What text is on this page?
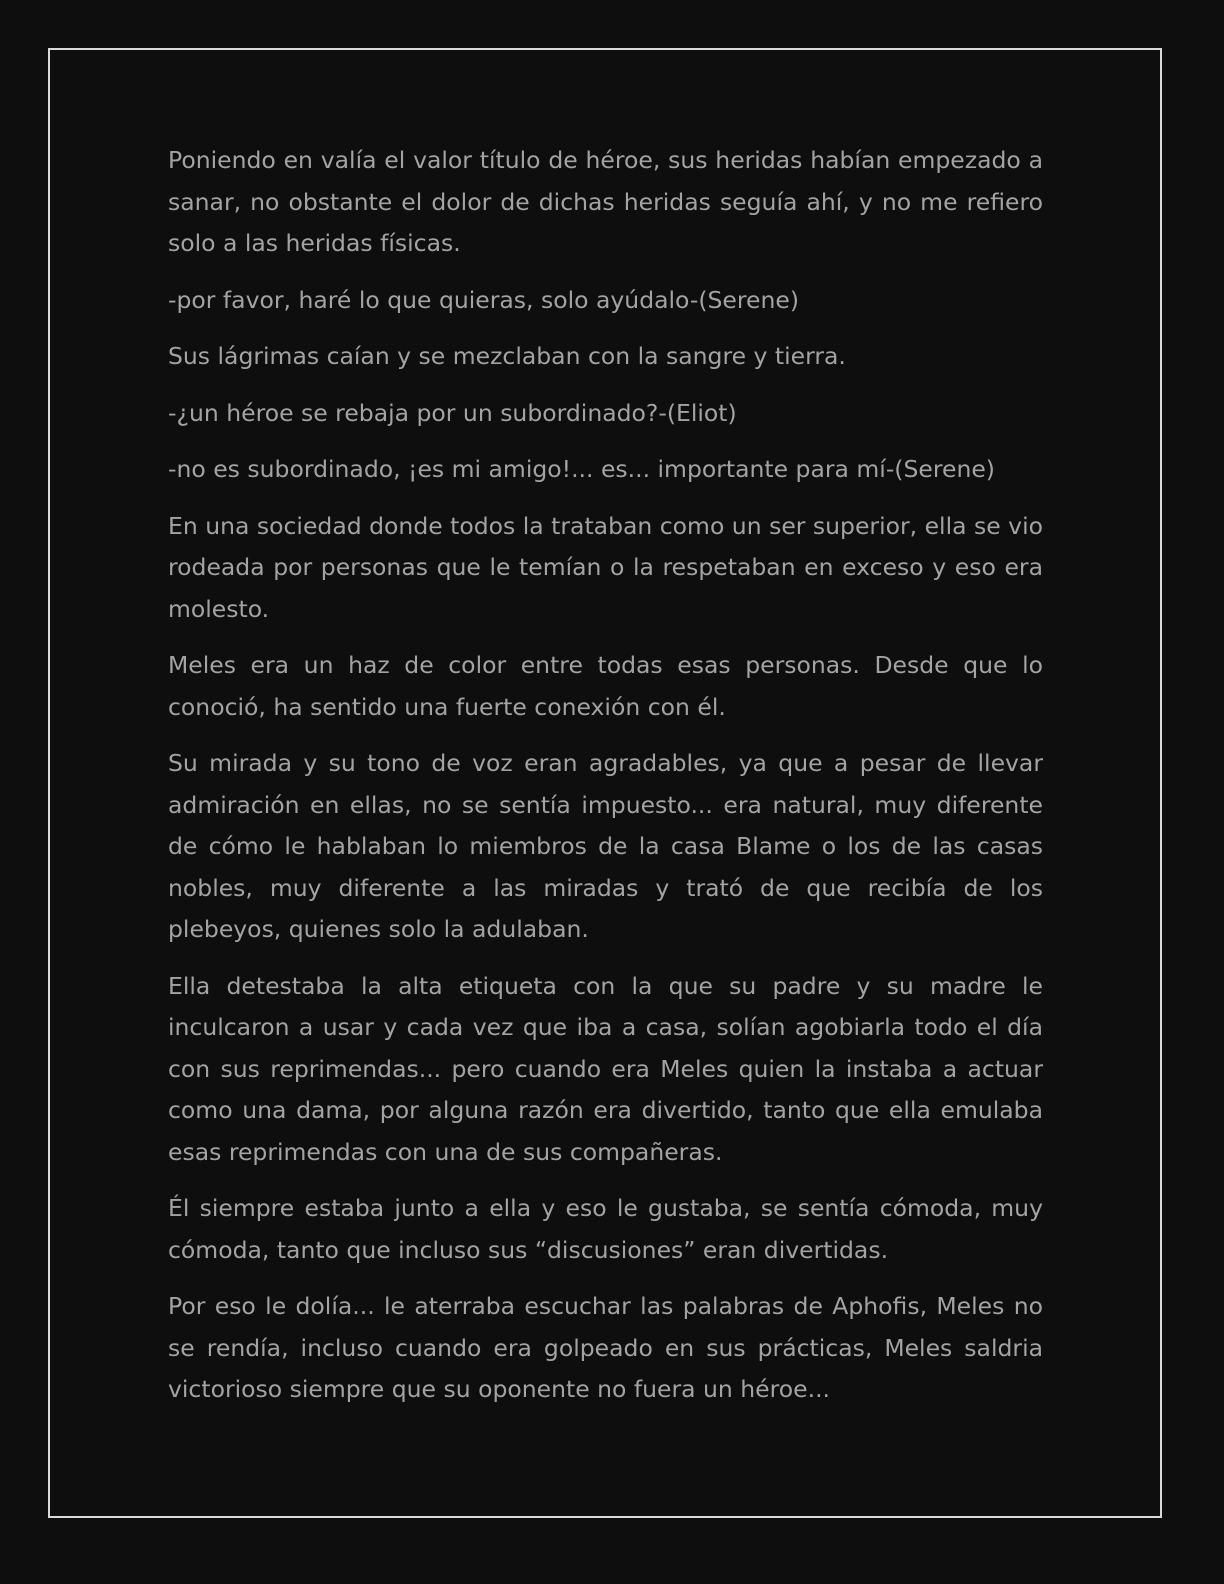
Poniendo en valía el valor título de héroe, sus heridas habían empezado a sanar, no obstante el dolor de dichas heridas seguía ahí, y no me refiero solo a las heridas físicas.

-por favor, haré lo que quieras, solo ayúdalo-(Serene)

Sus lágrimas caían y se mezclaban con la sangre y tierra.

-¿un héroe se rebaja por un subordinado?-(Eliot)

-no es subordinado, ¡es mi amigo!... es... importante para mí-(Serene)

En una sociedad donde todos la trataban como un ser superior, ella se vio rodeada por personas que le temían o la respetaban en exceso y eso era molesto.

Meles era un haz de color entre todas esas personas. Desde que lo conoció, ha sentido una fuerte conexión con él.

Su mirada y su tono de voz eran agradables, ya que a pesar de llevar admiración en ellas, no se sentía impuesto... era natural, muy diferente de cómo le hablaban lo miembros de la casa Blame o los de las casas nobles, muy diferente a las miradas y trató de que recibía de los plebeyos, quienes solo la adulaban.

Ella detestaba la alta etiqueta con la que su padre y su madre le inculcaron a usar y cada vez que iba a casa, solían agobiarla todo el día con sus reprimendas... pero cuando era Meles quien la instaba a actuar como una dama, por alguna razón era divertido, tanto que ella emulaba esas reprimendas con una de sus compañeras.

Él siempre estaba junto a ella y eso le gustaba, se sentía cómoda, muy cómoda, tanto que incluso sus “discusiones” eran divertidas.

Por eso le dolía... le aterraba escuchar las palabras de Aphofis, Meles no se rendía, incluso cuando era golpeado en sus prácticas, Meles saldria victorioso siempre que su oponente no fuera un héroe...
